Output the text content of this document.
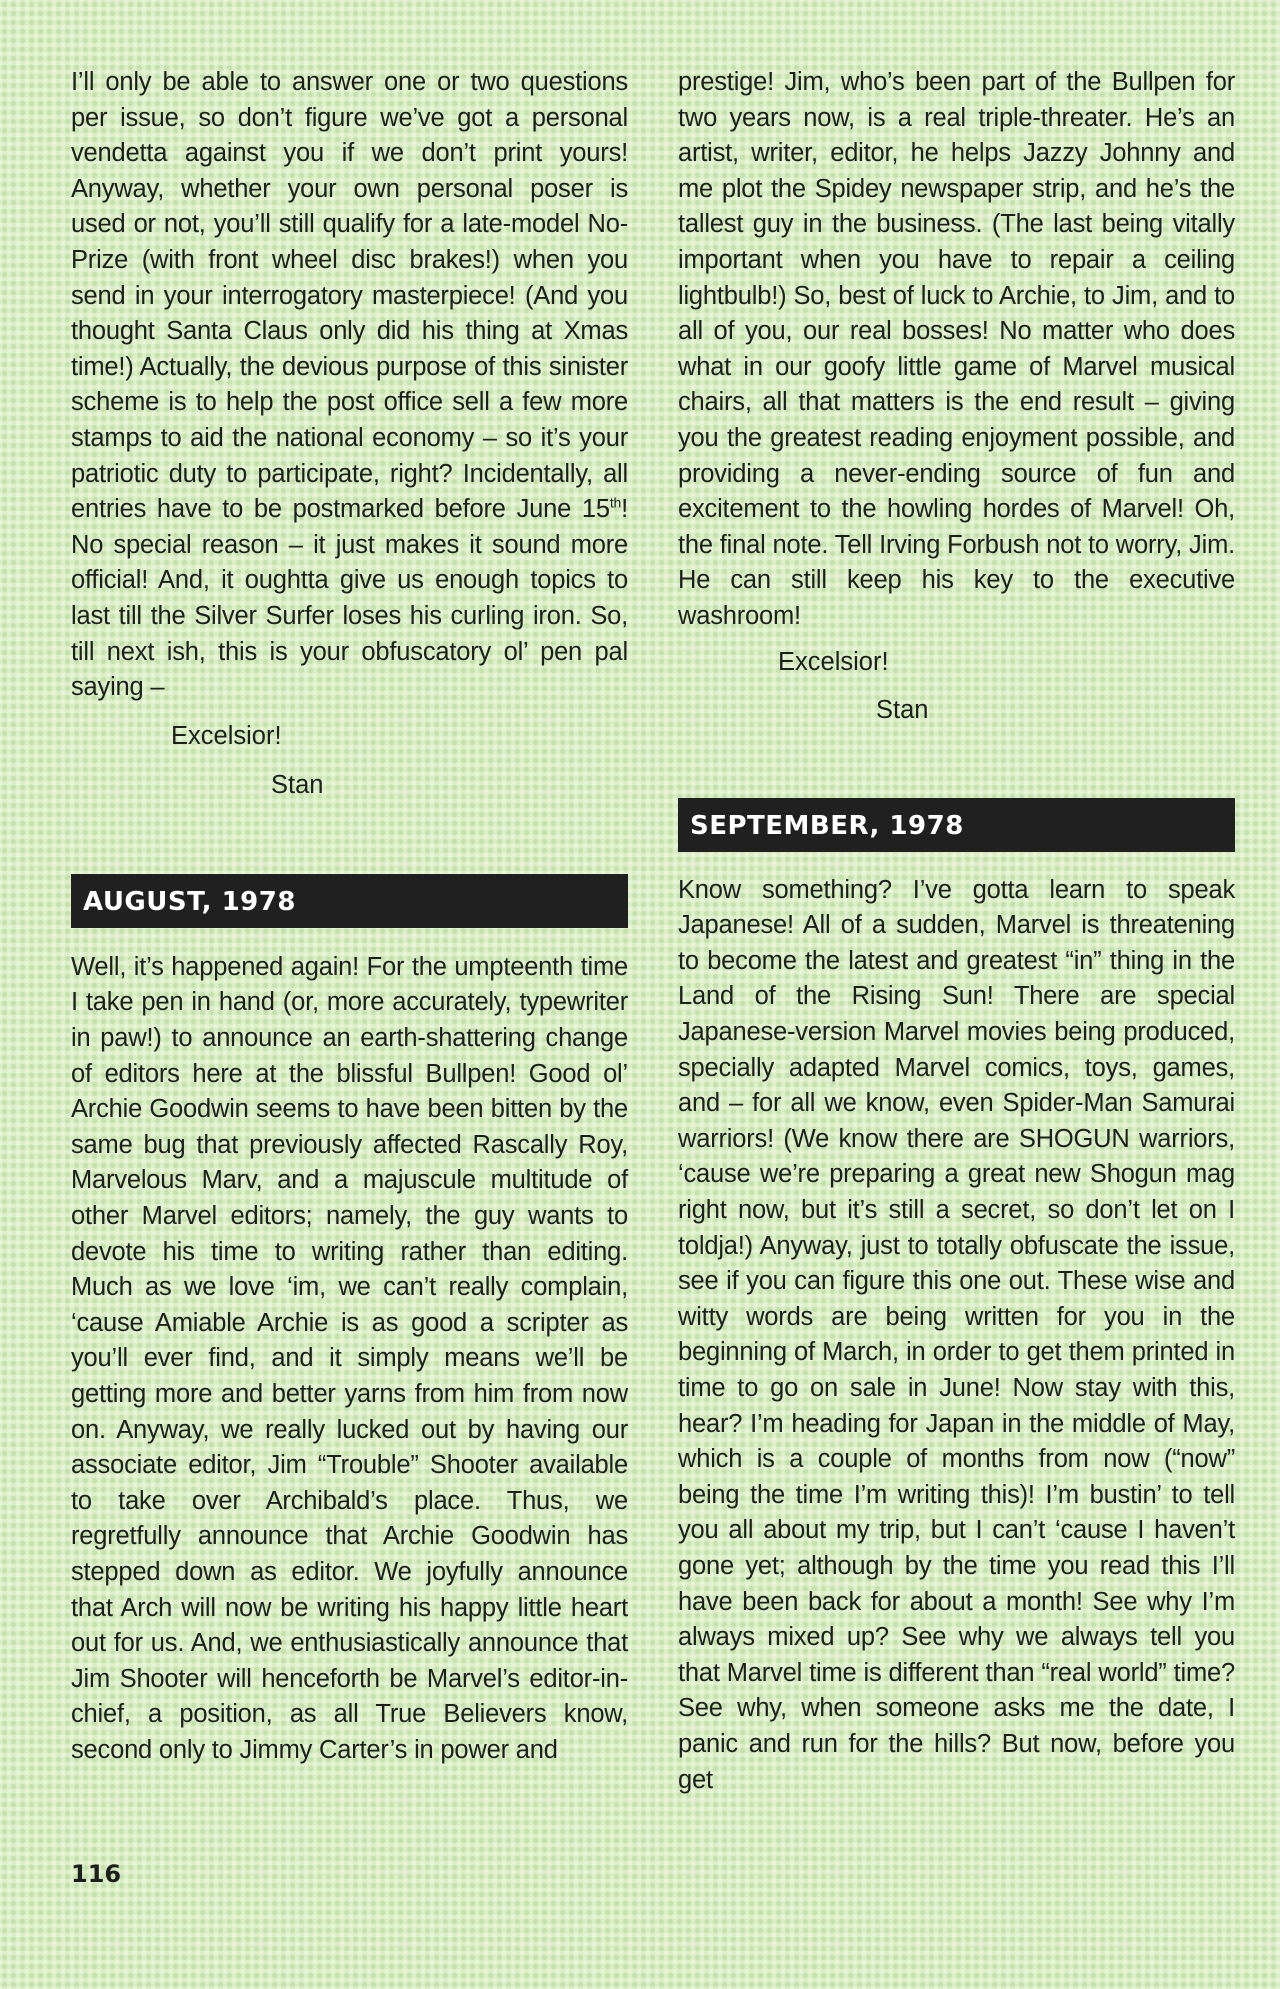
I’ll only be able to answer one or two questions per issue, so don’t figure we’ve got a personal vendetta against you if we don’t print yours! Anyway, whether your own personal poser is used or not, you’ll still qualify for a late-model No-Prize (with front wheel disc brakes!) when you send in your interrogatory masterpiece! (And you thought Santa Claus only did his thing at Xmas time!) Actually, the devious purpose of this sinister scheme is to help the post office sell a few more stamps to aid the national economy – so it’s your patriotic duty to participate, right? Incidentally, all entries have to be postmarked before June 15th! No special reason – it just makes it sound more official! And, it oughtta give us enough topics to last till the Silver Surfer loses his curling iron. So, till next ish, this is your obfuscatory ol’ pen pal saying –

Excelsior!

Stan

AUGUST, 1978

Well, it’s happened again! For the umpteenth time I take pen in hand (or, more accurately, typewriter in paw!) to announce an earth-shattering change of editors here at the blissful Bullpen! Good ol’ Archie Goodwin seems to have been bitten by the same bug that previously affected Rascally Roy, Marvelous Marv, and a majuscule multitude of other Marvel editors; namely, the guy wants to devote his time to writing rather than editing. Much as we love ‘im, we can’t really complain, ‘cause Amiable Archie is as good a scripter as you’ll ever find, and it simply means we’ll be getting more and better yarns from him from now on. Anyway, we really lucked out by having our associate editor, Jim “Trouble” Shooter available to take over Archibald’s place. Thus, we regretfully announce that Archie Goodwin has stepped down as editor. We joyfully announce that Arch will now be writing his happy little heart out for us. And, we enthusiastically announce that Jim Shooter will henceforth be Marvel’s editor-in-chief, a position, as all True Believers know, second only to Jimmy Carter’s in power and

prestige! Jim, who’s been part of the Bullpen for two years now, is a real triple-threater. He’s an artist, writer, editor, he helps Jazzy Johnny and me plot the Spidey newspaper strip, and he’s the tallest guy in the business. (The last being vitally important when you have to repair a ceiling lightbulb!) So, best of luck to Archie, to Jim, and to all of you, our real bosses! No matter who does what in our goofy little game of Marvel musical chairs, all that matters is the end result – giving you the greatest reading enjoyment possible, and providing a never-ending source of fun and excitement to the howling hordes of Marvel! Oh, the final note. Tell Irving Forbush not to worry, Jim. He can still keep his key to the executive washroom!

Excelsior!

Stan

SEPTEMBER, 1978

Know something? I’ve gotta learn to speak Japanese! All of a sudden, Marvel is threatening to become the latest and greatest “in” thing in the Land of the Rising Sun! There are special Japanese-version Marvel movies being produced, specially adapted Marvel comics, toys, games, and – for all we know, even Spider-Man Samurai warriors! (We know there are SHOGUN warriors, ‘cause we’re preparing a great new Shogun mag right now, but it’s still a secret, so don’t let on I toldja!) Anyway, just to totally obfuscate the issue, see if you can figure this one out. These wise and witty words are being written for you in the beginning of March, in order to get them printed in time to go on sale in June! Now stay with this, hear? I’m heading for Japan in the middle of May, which is a couple of months from now (“now” being the time I’m writing this)! I’m bustin’ to tell you all about my trip, but I can’t ‘cause I haven’t gone yet; although by the time you read this I’ll have been back for about a month! See why I’m always mixed up? See why we always tell you that Marvel time is different than “real world” time? See why, when someone asks me the date, I panic and run for the hills? But now, before you get

116
